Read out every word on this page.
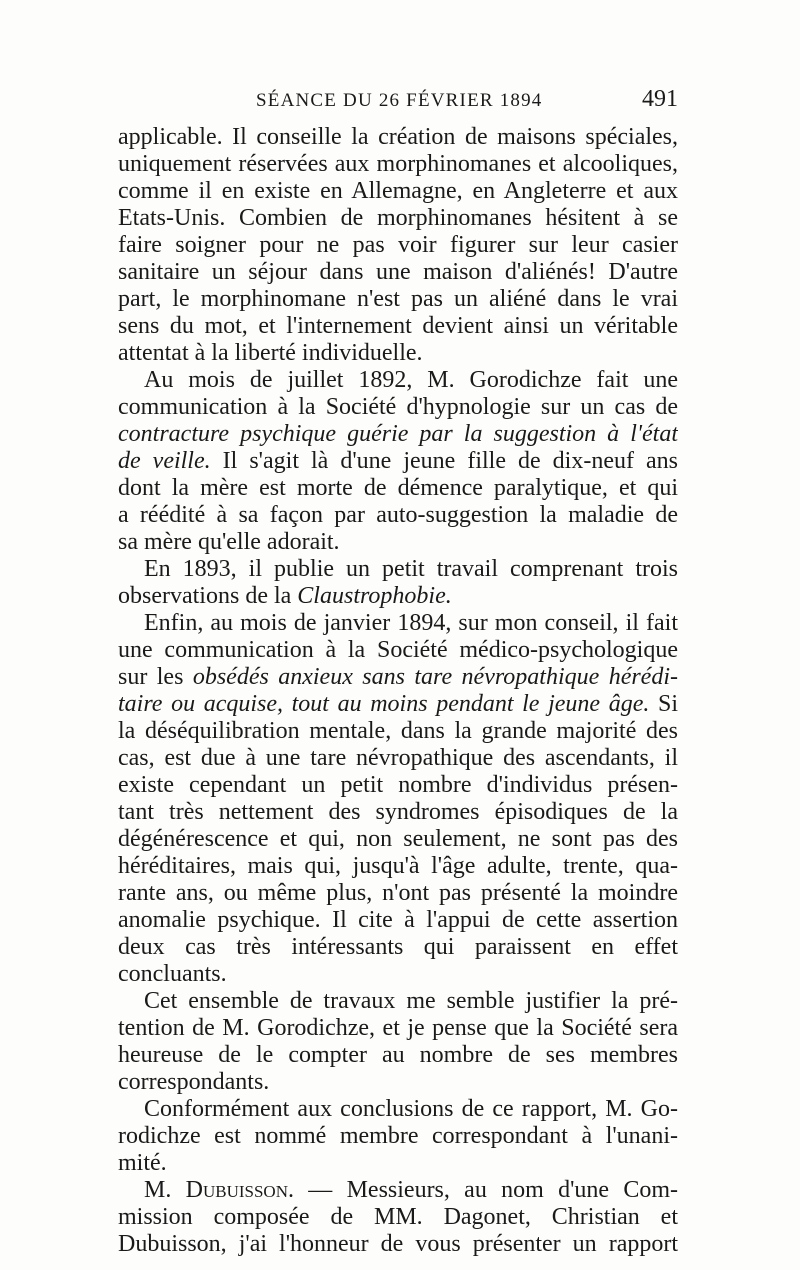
SÉANCE DU 26 FÉVRIER 1894	491
applicable. Il conseille la création de maisons spéciales,
uniquement réservées aux morphinomanes et alcooliques,
comme il en existe en Allemagne, en Angleterre et aux
Etats-Unis. Combien de morphinomanes hésitent à se
faire soigner pour ne pas voir figurer sur leur casier
sanitaire un séjour dans une maison d'aliénés! D'autre
part, le morphinomane n'est pas un aliéné dans le vrai
sens du mot, et l'internement devient ainsi un véritable
attentat à la liberté individuelle.
Au mois de juillet 1892, M. Gorodichze fait une
communication à la Société d'hypnologie sur un cas de
contracture psychique guérie par la suggestion à l'état
de veille. Il s'agit là d'une jeune fille de dix-neuf ans
dont la mère est morte de démence paralytique, et qui
a réédité à sa façon par auto-suggestion la maladie de
sa mère qu'elle adorait.
En 1893, il publie un petit travail comprenant trois
observations de la Claustrophobie.
Enfin, au mois de janvier 1894, sur mon conseil, il fait
une communication à la Société médico-psychologique
sur les obsédés anxieux sans tare névropathique hérédi-
taire ou acquise, tout au moins pendant le jeune âge. Si
la déséquilibration mentale, dans la grande majorité des
cas, est due à une tare névropathique des ascendants, il
existe cependant un petit nombre d'individus présen-
tant très nettement des syndromes épisodiques de la
dégénérescence et qui, non seulement, ne sont pas des
héréditaires, mais qui, jusqu'à l'âge adulte, trente, qua-
rante ans, ou même plus, n'ont pas présenté la moindre
anomalie psychique. Il cite à l'appui de cette assertion
deux cas très intéressants qui paraissent en effet
concluants.
Cet ensemble de travaux me semble justifier la pré-
tention de M. Gorodichze, et je pense que la Société sera
heureuse de le compter au nombre de ses membres
correspondants.
Conformément aux conclusions de ce rapport, M. Go-
rodichze est nommé membre correspondant à l'unani-
mité.
M. Dubuisson. — Messieurs, au nom d'une Com-
mission composée de MM. Dagonet, Christian et
Dubuisson, j'ai l'honneur de vous présenter un rapport
